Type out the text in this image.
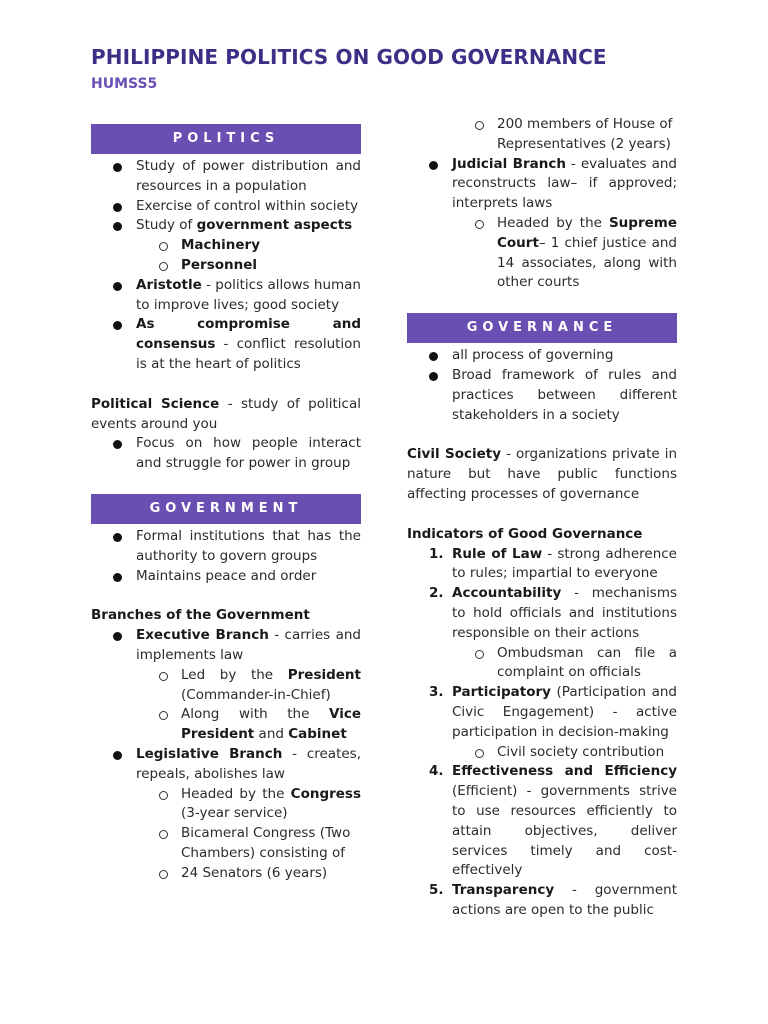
PHILIPPINE POLITICS ON GOOD GOVERNANCE
HUMSS5
POLITICS
Study of power distribution and resources in a population
Exercise of control within society
Study of government aspects
Machinery
Personnel
Aristotle - politics allows human to improve lives; good society
As compromise and consensus - conflict resolution is at the heart of politics
Political Science - study of political events around you
Focus on how people interact and struggle for power in group
GOVERNMENT
Formal institutions that has the authority to govern groups
Maintains peace and order
Branches of the Government
Executive Branch - carries and implements law
Led by the President (Commander-in-Chief)
Along with the Vice President and Cabinet
Legislative Branch - creates, repeals, abolishes law
Headed by the Congress (3-year service)
Bicameral Congress (Two Chambers) consisting of
24 Senators (6 years)
200 members of House of Representatives (2 years)
Judicial Branch - evaluates and reconstructs law– if approved; interprets laws
Headed by the Supreme Court– 1 chief justice and 14 associates, along with other courts
GOVERNANCE
all process of governing
Broad framework of rules and practices between different stakeholders in a society
Civil Society - organizations private in nature but have public functions affecting processes of governance
Indicators of Good Governance
1. Rule of Law - strong adherence to rules; impartial to everyone
2. Accountability - mechanisms to hold officials and institutions responsible on their actions
Ombudsman can file a complaint on officials
3. Participatory (Participation and Civic Engagement) - active participation in decision-making
Civil society contribution
4. Effectiveness and Efficiency (Efficient) - governments strive to use resources efficiently to attain objectives, deliver services timely and cost-effectively
5. Transparency - government actions are open to the public
